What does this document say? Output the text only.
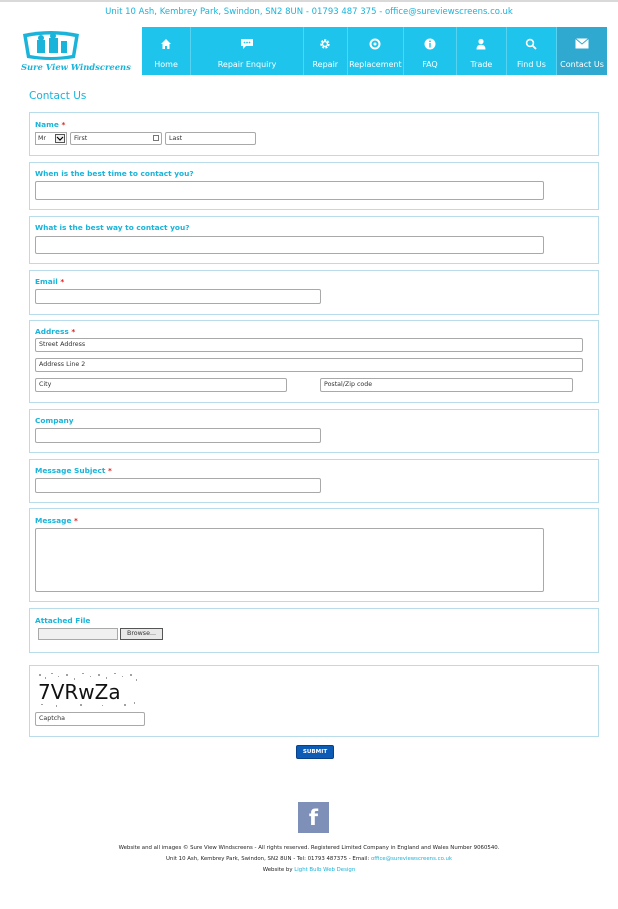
Unit 10 Ash, Kembrey Park, Swindon, SN2 8UN - 01793 487 375 - office@sureviewscreens.co.uk
Sure View Windscreens	Home	Repair Enquiry	Repair	Replacement	FAQ	Trade	Find Us	Contact Us
Contact Us
Name *
Mr	First	Last
When is the best time to contact you?
What is the best way to contact you?
Email *
Address *
Street Address
Address Line 2
City	Postal/Zip code
Company
Message Subject *
Message *
Attached File
Browse...
7VRwZa
Captcha
SUBMIT
f
Website and all images © Sure View Windscreens - All rights reserved. Registered Limited Company in England and Wales Number 9060540.
Unit 10 Ash, Kembrey Park, Swindon, SN2 8UN - Tel: 01793 487375 - Email: office@sureviewscreens.co.uk
Website by Light Bulb Web Design
